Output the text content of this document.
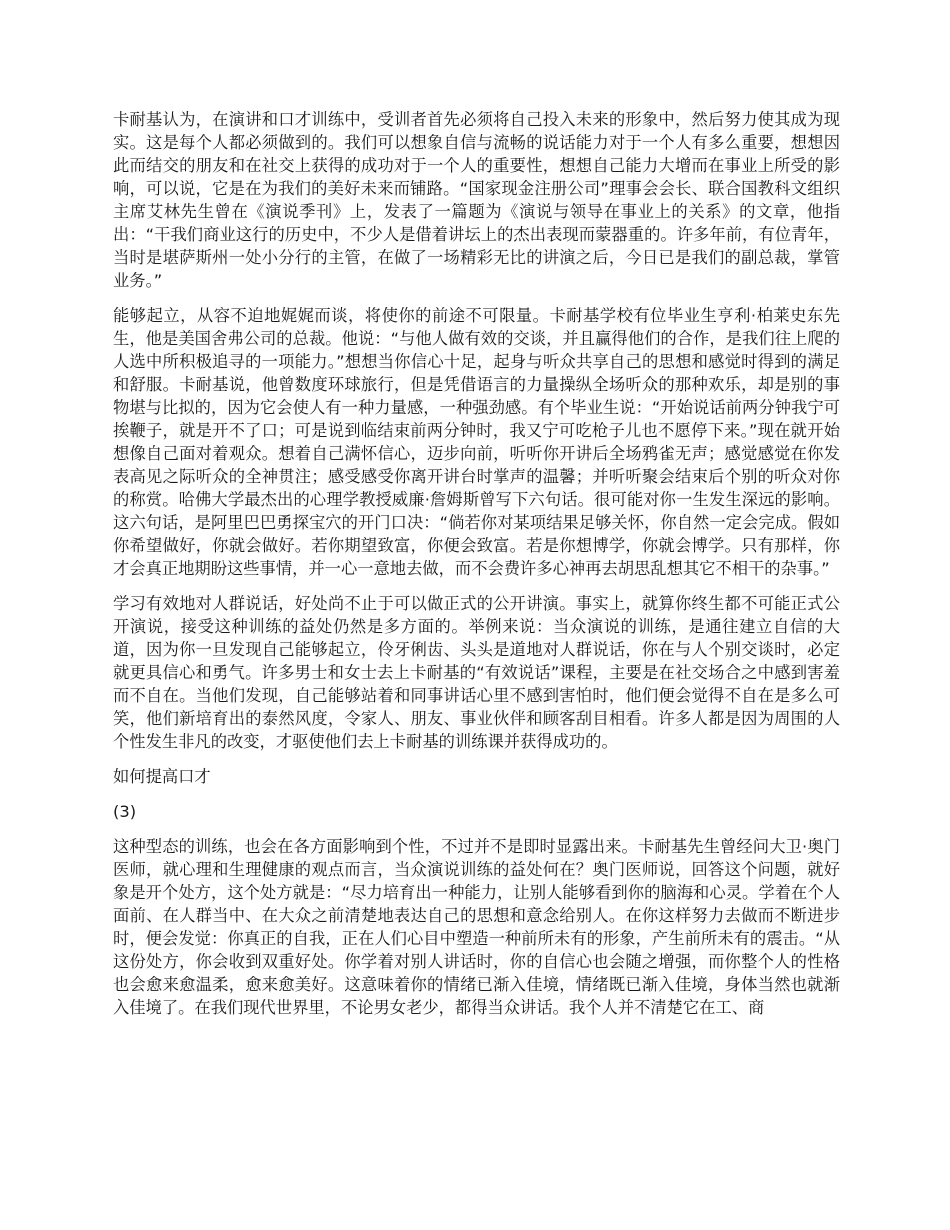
卡耐基认为，在演讲和口才训练中，受训者首先必须将自己投入未来的形象中，然后努力使其成为现实。这是每个人都必须做到的。我们可以想象自信与流畅的说话能力对于一个人有多么重要，想想因此而结交的朋友和在社交上获得的成功对于一个人的重要性，想想自己能力大增而在事业上所受的影响，可以说，它是在为我们的美好未来而铺路。“国家现金注册公司”理事会会长、联合国教科文组织主席艾林先生曾在《演说季刊》上，发表了一篇题为《演说与领导在事业上的关系》的文章，他指出：“干我们商业这行的历史中，不少人是借着讲坛上的杰出表现而蒙器重的。许多年前，有位青年，当时是堪萨斯州一处小分行的主管，在做了一场精彩无比的讲演之后，今日已是我们的副总裁，掌管业务。”

能够起立，从容不迫地娓娓而谈，将使你的前途不可限量。卡耐基学校有位毕业生亨利·柏莱史东先生，他是美国舍弗公司的总裁。他说：“与他人做有效的交谈，并且赢得他们的合作，是我们往上爬的人选中所积极追寻的一项能力。”想想当你信心十足，起身与听众共享自己的思想和感觉时得到的满足和舒服。卡耐基说，他曾数度环球旅行，但是凭借语言的力量操纵全场听众的那种欢乐，却是别的事物堪与比拟的，因为它会使人有一种力量感，一种强劲感。有个毕业生说：“开始说话前两分钟我宁可挨鞭子，就是开不了口；可是说到临结束前两分钟时，我又宁可吃枪子儿也不愿停下来。”现在就开始想像自己面对着观众。想着自己满怀信心，迈步向前，听听你开讲后全场鸦雀无声；感觉感觉在你发表高见之际听众的全神贯注；感受感受你离开讲台时掌声的温馨；并听听聚会结束后个别的听众对你的称赏。哈佛大学最杰出的心理学教授威廉·詹姆斯曾写下六句话。很可能对你一生发生深远的影响。这六句话，是阿里巴巴勇探宝穴的开门口决：“倘若你对某项结果足够关怀，你自然一定会完成。假如你希望做好，你就会做好。若你期望致富，你便会致富。若是你想博学，你就会博学。只有那样，你才会真正地期盼这些事情，并一心一意地去做，而不会费许多心神再去胡思乱想其它不相干的杂事。”

学习有效地对人群说话，好处尚不止于可以做正式的公开讲演。事实上，就算你终生都不可能正式公开演说，接受这种训练的益处仍然是多方面的。举例来说：当众演说的训练，是通往建立自信的大道，因为你一旦发现自己能够起立，伶牙俐齿、头头是道地对人群说话，你在与人个别交谈时，必定就更具信心和勇气。许多男士和女士去上卡耐基的“有效说话”课程，主要是在社交场合之中感到害羞而不自在。当他们发现，自己能够站着和同事讲话心里不感到害怕时，他们便会觉得不自在是多么可笑，他们新培育出的泰然风度，令家人、朋友、事业伙伴和顾客刮目相看。许多人都是因为周围的人个性发生非凡的改变，才驱使他们去上卡耐基的训练课并获得成功的。

如何提高口才

(3)

这种型态的训练，也会在各方面影响到个性，不过并不是即时显露出来。卡耐基先生曾经问大卫·奥门医师，就心理和生理健康的观点而言，当众演说训练的益处何在？奥门医师说，回答这个问题，就好象是开个处方，这个处方就是：“尽力培育出一种能力，让别人能够看到你的脑海和心灵。学着在个人面前、在人群当中、在大众之前清楚地表达自己的思想和意念给别人。在你这样努力去做而不断进步时，便会发觉：你真正的自我，正在人们心目中塑造一种前所未有的形象，产生前所未有的震击。“从这份处方，你会收到双重好处。你学着对别人讲话时，你的自信心也会随之增强，而你整个人的性格也会愈来愈温柔，愈来愈美好。这意味着你的情绪已渐入佳境，情绪既已渐入佳境，身体当然也就渐入佳境了。在我们现代世界里，不论男女老少，都得当众讲话。我个人并不清楚它在工、商
